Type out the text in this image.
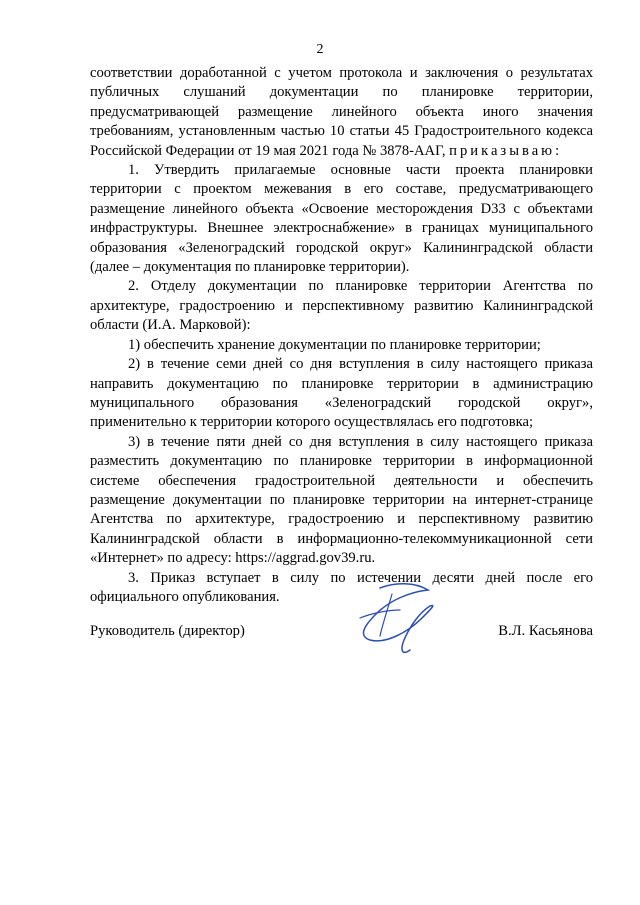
2

соответствии доработанной с учетом протокола и заключения о результатах публичных слушаний документации по планировке территории, предусматривающей размещение линейного объекта иного значения требованиям, установленным частью 10 статьи 45 Градостроительного кодекса Российской Федерации от 19 мая 2021 года № 3878-ААГ, приказываю:

1. Утвердить прилагаемые основные части проекта планировки территории с проектом межевания в его составе, предусматривающего размещение линейного объекта «Освоение месторождения D33 с объектами инфраструктуры. Внешнее электроснабжение» в границах муниципального образования «Зеленоградский городской округ» Калининградской области (далее – документация по планировке территории).

2. Отделу документации по планировке территории Агентства по архитектуре, градостроению и перспективному развитию Калининградской области (И.А. Марковой):

1) обеспечить хранение документации по планировке территории;

2) в течение семи дней со дня вступления в силу настоящего приказа направить документацию по планировке территории в администрацию муниципального образования «Зеленоградский городской округ», применительно к территории которого осуществлялась его подготовка;

3) в течение пяти дней со дня вступления в силу настоящего приказа разместить документацию по планировке территории в информационной системе обеспечения градостроительной деятельности и обеспечить размещение документации по планировке территории на интернет-странице Агентства по архитектуре, градостроению и перспективному развитию Калининградской области в информационно-телекоммуникационной сети «Интернет» по адресу: https://aggrad.gov39.ru.

3. Приказ вступает в силу по истечении десяти дней после его официального опубликования.

Руководитель (директор)	В.Л. Касьянова
